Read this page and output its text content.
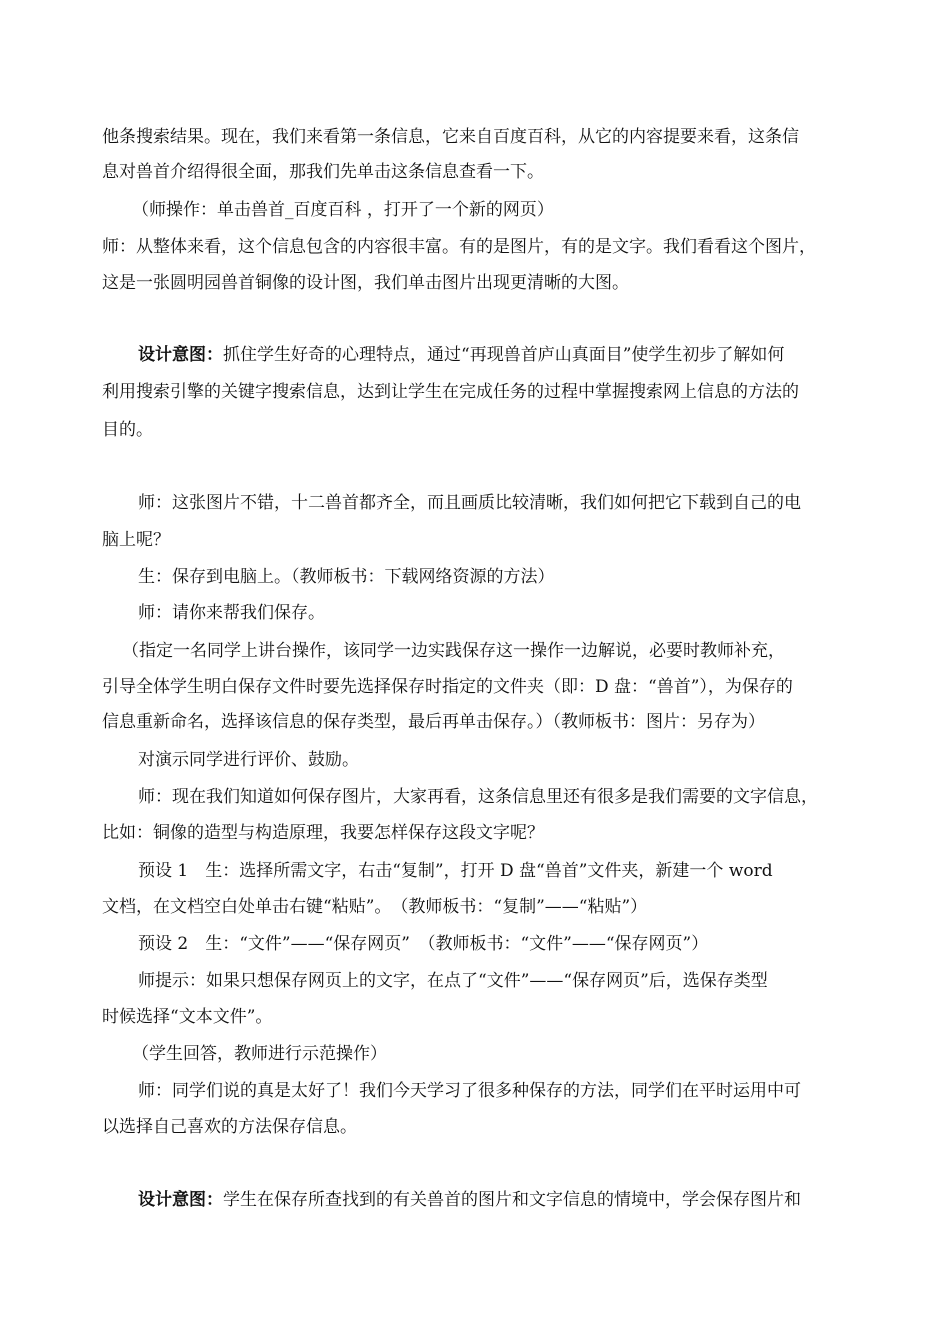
他条搜索结果。现在，我们来看第一条信息，它来自百度百科，从它的内容提要来看，这条信
息对兽首介绍得很全面，那我们先单击这条信息查看一下。
（师操作：单击兽首_百度百科 ，打开了一个新的网页）
师：从整体来看，这个信息包含的内容很丰富。有的是图片，有的是文字。我们看看这个图片，
这是一张圆明园兽首铜像的设计图，我们单击图片出现更清晰的大图。
设计意图：抓住学生好奇的心理特点，通过“再现兽首庐山真面目”使学生初步了解如何
利用搜索引擎的关键字搜索信息，达到让学生在完成任务的过程中掌握搜索网上信息的方法的
目的。
师：这张图片不错，十二兽首都齐全，而且画质比较清晰，我们如何把它下载到自己的电
脑上呢？
生：保存到电脑上。（教师板书：下载网络资源的方法）
师：请你来帮我们保存。
（指定一名同学上讲台操作，该同学一边实践保存这一操作一边解说，必要时教师补充，
引导全体学生明白保存文件时要先选择保存时指定的文件夹（即：D 盘：“兽首”），为保存的
信息重新命名，选择该信息的保存类型，最后再单击保存。）（教师板书：图片：另存为）
对演示同学进行评价、鼓励。
师：现在我们知道如何保存图片，大家再看，这条信息里还有很多是我们需要的文字信息，
比如：铜像的造型与构造原理，我要怎样保存这段文字呢？
预设 1　生：选择所需文字，右击“复制”，打开 D 盘“兽首”文件夹，新建一个 word
文档，在文档空白处单击右键“粘贴”。　（教师板书：“复制”——“粘贴”）
预设 2　生：“文件”——“保存网页”　（教师板书：“文件”——“保存网页”）
师提示：如果只想保存网页上的文字，在点了“文件”——“保存网页”后，选保存类型
时候选择“文本文件”。
（学生回答，教师进行示范操作）
师：同学们说的真是太好了！我们今天学习了很多种保存的方法，同学们在平时运用中可
以选择自己喜欢的方法保存信息。
设计意图：学生在保存所查找到的有关兽首的图片和文字信息的情境中，学会保存图片和
